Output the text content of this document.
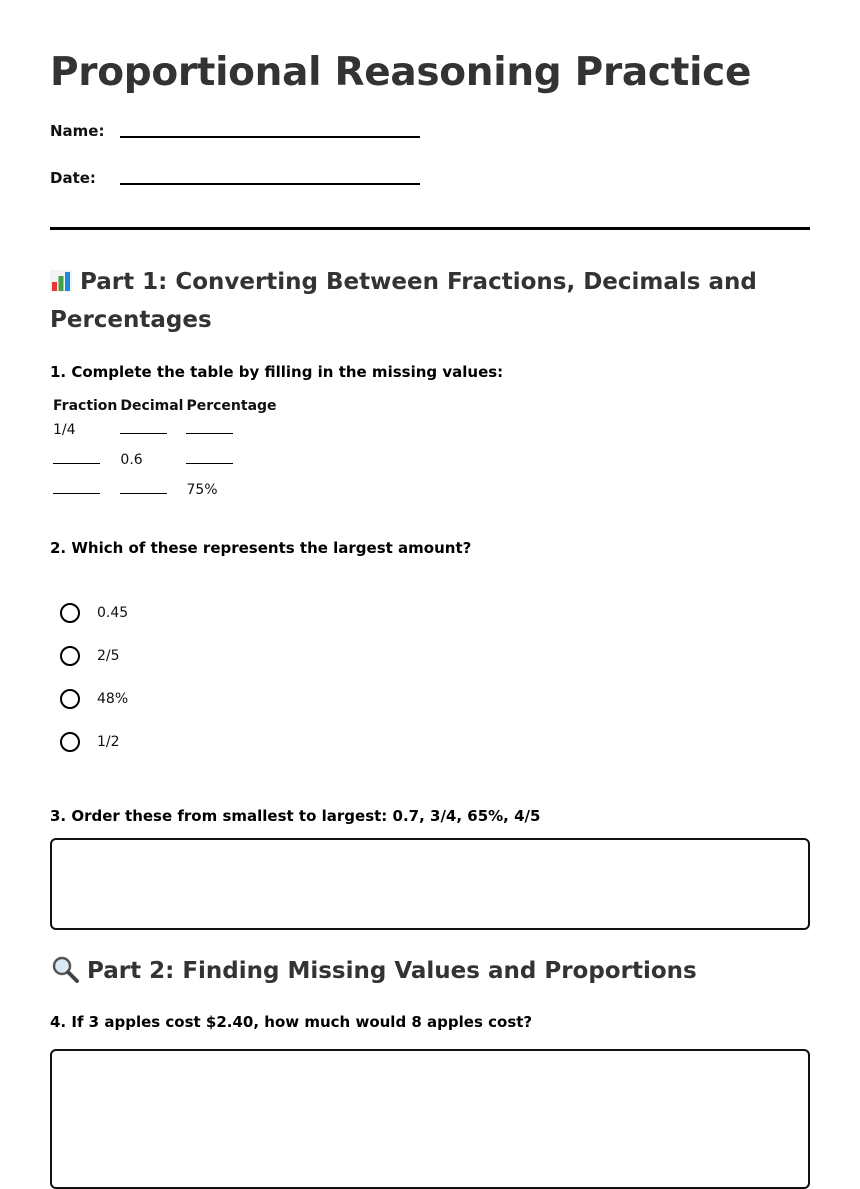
Proportional Reasoning Practice
Name:
Date:
Part 1: Converting Between Fractions, Decimals and
Percentages
1. Complete the table by filling in the missing values:
Fraction	Decimal	Percentage
1/4		
	0.6	
		75%
2. Which of these represents the largest amount?
0.45
2/5
48%
1/2
3. Order these from smallest to largest: 0.7, 3/4, 65%, 4/5
Part 2: Finding Missing Values and Proportions
4. If 3 apples cost $2.40, how much would 8 apples cost?
